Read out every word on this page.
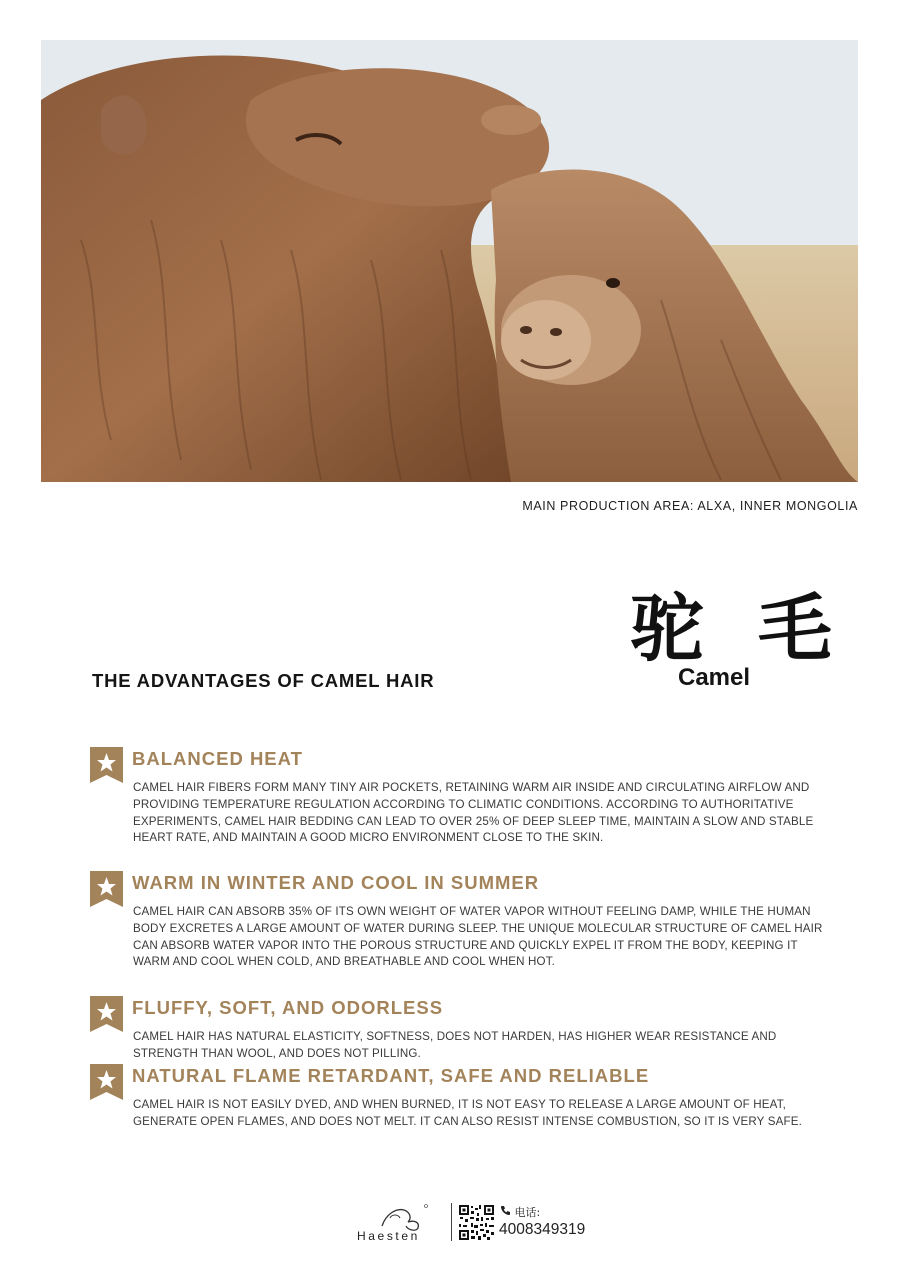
MAIN PRODUCTION AREA: ALXA, INNER MONGOLIA
驼 毛
Camel
THE ADVANTAGES OF CAMEL HAIR
BALANCED HEAT
CAMEL HAIR FIBERS FORM MANY TINY AIR POCKETS, RETAINING WARM AIR INSIDE AND CIRCULATING AIRFLOW AND PROVIDING TEMPERATURE REGULATION ACCORDING TO CLIMATIC CONDITIONS. ACCORDING TO AUTHORITATIVE EXPERIMENTS, CAMEL HAIR BEDDING CAN LEAD TO OVER 25% OF DEEP SLEEP TIME, MAINTAIN A SLOW AND STABLE HEART RATE, AND MAINTAIN A GOOD MICRO ENVIRONMENT CLOSE TO THE SKIN.
WARM IN WINTER AND COOL IN SUMMER
CAMEL HAIR CAN ABSORB 35% OF ITS OWN WEIGHT OF WATER VAPOR WITHOUT FEELING DAMP, WHILE THE HUMAN BODY EXCRETES A LARGE AMOUNT OF WATER DURING SLEEP. THE UNIQUE MOLECULAR STRUCTURE OF CAMEL HAIR CAN ABSORB WATER VAPOR INTO THE POROUS STRUCTURE AND QUICKLY EXPEL IT FROM THE BODY, KEEPING IT WARM AND COOL WHEN COLD, AND BREATHABLE AND COOL WHEN HOT.
FLUFFY, SOFT, AND ODORLESS
CAMEL HAIR HAS NATURAL ELASTICITY, SOFTNESS, DOES NOT HARDEN, HAS HIGHER WEAR RESISTANCE AND STRENGTH THAN WOOL, AND DOES NOT PILLING.
NATURAL FLAME RETARDANT, SAFE AND RELIABLE
CAMEL HAIR IS NOT EASILY DYED, AND WHEN BURNED, IT IS NOT EASY TO RELEASE A LARGE AMOUNT OF HEAT, GENERATE OPEN FLAMES, AND DOES NOT MELT. IT CAN ALSO RESIST INTENSE COMBUSTION, SO IT IS VERY SAFE.
Haesten
电话:
4008349319
